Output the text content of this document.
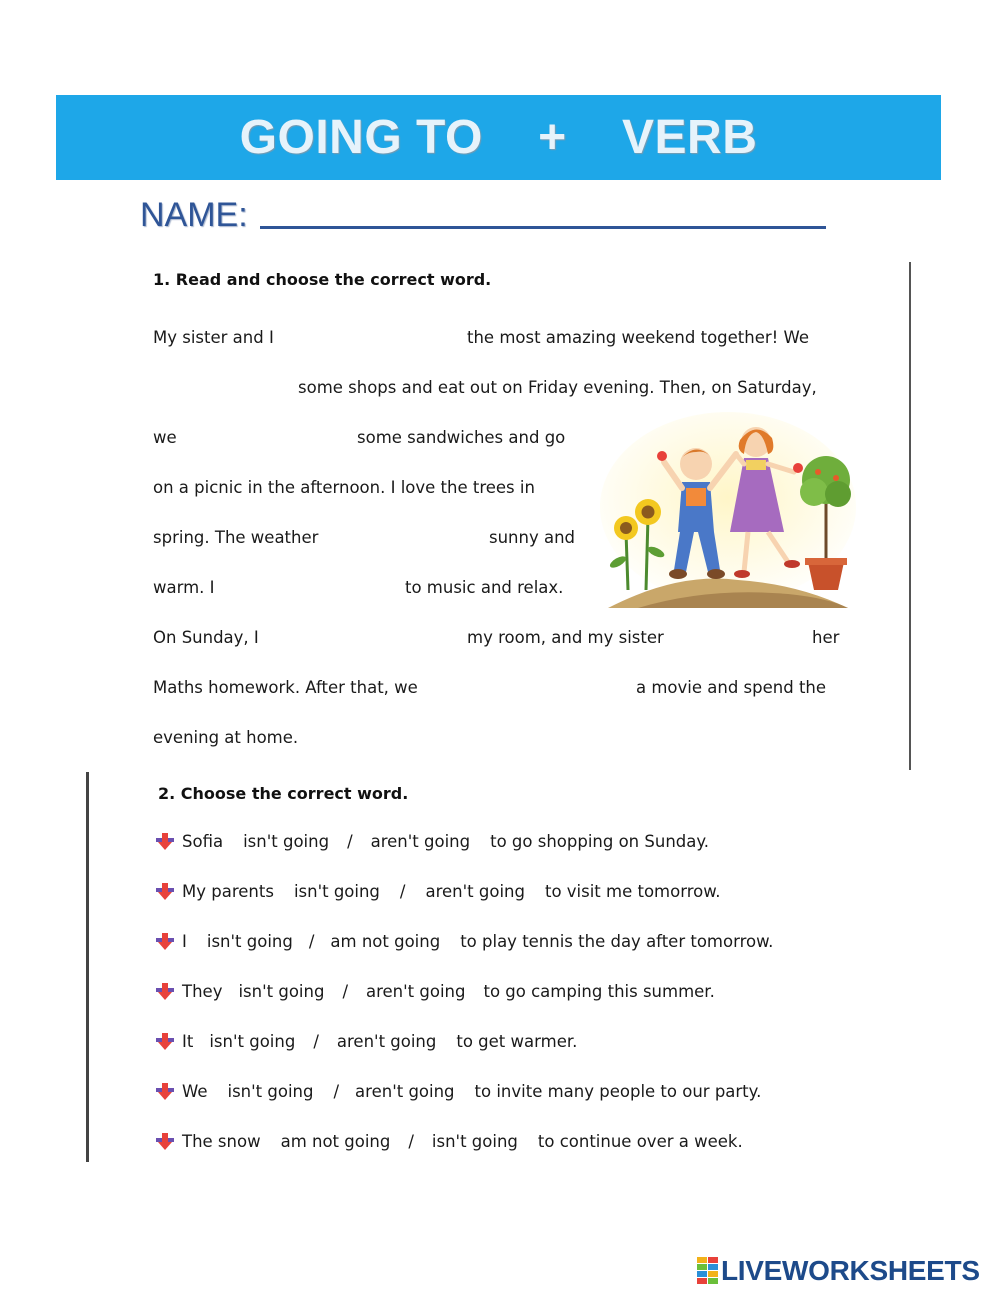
GOING TO    +    VERB
NAME:
1. Read and choose the correct word.
My sister and I	the most amazing weekend together! We
some shops and eat out on Friday evening. Then, on Saturday,
we	some sandwiches and go
on a picnic in the afternoon. I love the trees in
spring. The weather	sunny and
warm. I	to music and relax.
On Sunday, I	my room, and my sister	her
Maths homework. After that, we	a movie and spend the
evening at home.
2. Choose the correct word.
Sofia isn't going / aren't going to go shopping on Sunday.
My parents isn't going / aren't going to visit me tomorrow.
I isn't going / am not going to play tennis the day after tomorrow.
They isn't going / aren't going to go camping this summer.
It isn't going / aren't going to get warmer.
We isn't going / aren't going to invite many people to our party.
The snow am not going / isn't going to continue over a week.
LIVEWORKSHEETS
